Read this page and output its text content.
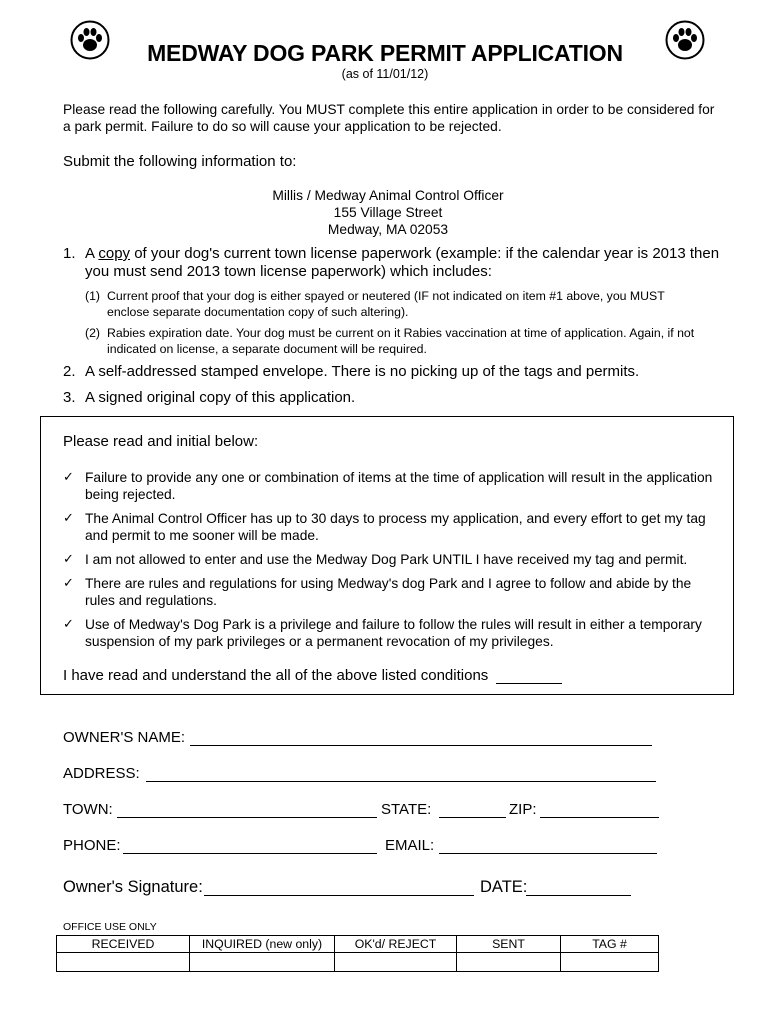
MEDWAY DOG PARK PERMIT APPLICATION
(as of 11/01/12)
Please read the following carefully. You MUST complete this entire application in order to be considered for a park permit. Failure to do so will cause your application to be rejected.
Submit the following information to:
Millis / Medway Animal Control Officer
155 Village Street
Medway, MA 02053
1. A copy of your dog's current town license paperwork (example: if the calendar year is 2013 then you must send 2013 town license paperwork) which includes:
(1) Current proof that your dog is either spayed or neutered (IF not indicated on item #1 above, you MUST enclose separate documentation copy of such altering).
(2) Rabies expiration date. Your dog must be current on it Rabies vaccination at time of application. Again, if not indicated on license, a separate document will be required.
2. A self-addressed stamped envelope. There is no picking up of the tags and permits.
3. A signed original copy of this application.
Please read and initial below:
✓ Failure to provide any one or combination of items at the time of application will result in the application being rejected.
✓ The Animal Control Officer has up to 30 days to process my application, and every effort to get my tag and permit to me sooner will be made.
✓ I am not allowed to enter and use the Medway Dog Park UNTIL I have received my tag and permit.
✓ There are rules and regulations for using Medway's dog Park and I agree to follow and abide by the rules and regulations.
✓ Use of Medway's Dog Park is a privilege and failure to follow the rules will result in either a temporary suspension of my park privileges or a permanent revocation of my privileges.
I have read and understand the all of the above listed conditions
OWNER'S NAME:
ADDRESS:
TOWN:	STATE:	ZIP:
PHONE:	EMAIL:
Owner's Signature:	DATE:
OFFICE USE ONLY
RECEIVED	INQUIRED (new only)	OK'd/ REJECT	SENT	TAG #
